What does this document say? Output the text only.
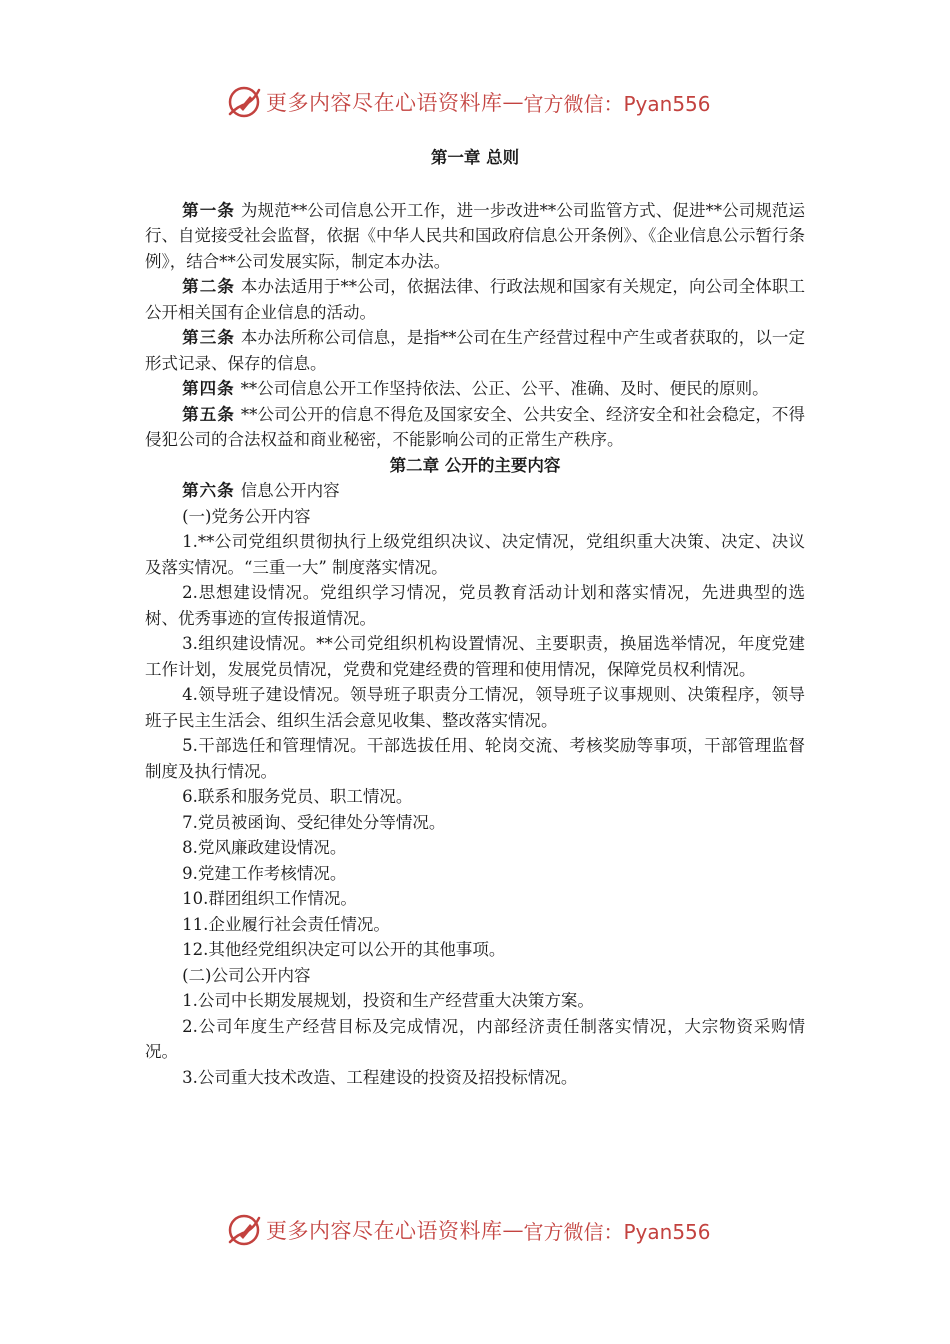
更多内容尽在心语资料库 — 官方微信：Pyan556
第一章 总则

第一条 为规范**公司信息公开工作，进一步改进**公司监管方式、促进**公司规范运行、自觉接受社会监督，依据《中华人民共和国政府信息公开条例》、《企业信息公示暂行条例》，结合**公司发展实际，制定本办法。

第二条 本办法适用于**公司，依据法律、行政法规和国家有关规定，向公司全体职工公开相关国有企业信息的活动。

第三条 本办法所称公司信息，是指**公司在生产经营过程中产生或者获取的，以一定形式记录、保存的信息。

第四条 **公司信息公开工作坚持依法、公正、公平、准确、及时、便民的原则。

第五条 **公司公开的信息不得危及国家安全、公共安全、经济安全和社会稳定，不得侵犯公司的合法权益和商业秘密，不能影响公司的正常生产秩序。

第二章 公开的主要内容

第六条 信息公开内容

(一)党务公开内容

1.**公司党组织贯彻执行上级党组织决议、决定情况，党组织重大决策、决定、决议及落实情况。“三重一大” 制度落实情况。

2.思想建设情况。党组织学习情况，党员教育活动计划和落实情况，先进典型的选树、优秀事迹的宣传报道情况。

3.组织建设情况。**公司党组织机构设置情况、主要职责，换届选举情况，年度党建工作计划，发展党员情况，党费和党建经费的管理和使用情况，保障党员权利情况。

4.领导班子建设情况。领导班子职责分工情况，领导班子议事规则、决策程序，领导班子民主生活会、组织生活会意见收集、整改落实情况。

5.干部选任和管理情况。干部选拔任用、轮岗交流、考核奖励等事项，干部管理监督制度及执行情况。

6.联系和服务党员、职工情况。

7.党员被函询、受纪律处分等情况。

8.党风廉政建设情况。

9.党建工作考核情况。

10.群团组织工作情况。

11.企业履行社会责任情况。

12.其他经党组织决定可以公开的其他事项。

(二)公司公开内容

1.公司中长期发展规划，投资和生产经营重大决策方案。

2.公司年度生产经营目标及完成情况，内部经济责任制落实情况，大宗物资采购情况。

3.公司重大技术改造、工程建设的投资及招投标情况。

更多内容尽在心语资料库 — 官方微信：Pyan556
